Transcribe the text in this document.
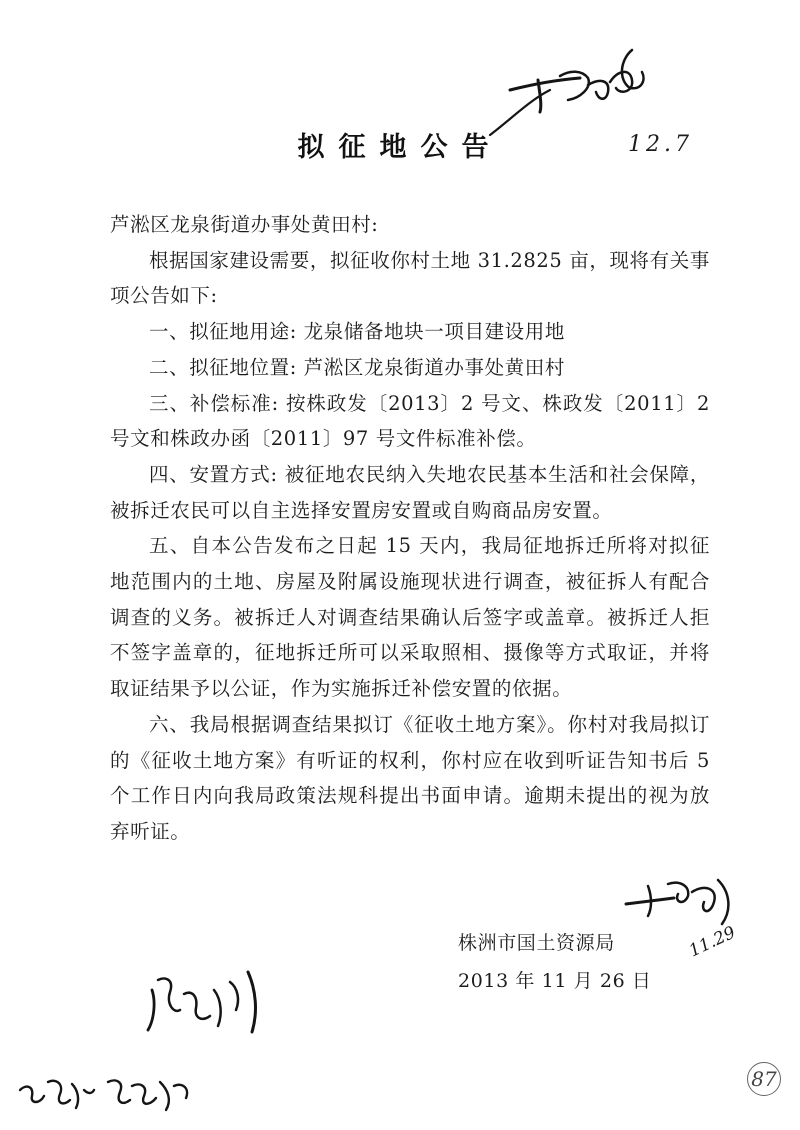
12.7
拟征地公告

芦淞区龙泉街道办事处黄田村:

根据国家建设需要，拟征收你村土地 31.2825 亩，现将有关事项公告如下:

一、拟征地用途: 龙泉储备地块一项目建设用地

二、拟征地位置: 芦淞区龙泉街道办事处黄田村

三、补偿标准: 按株政发〔2013〕2 号文、株政发〔2011〕2 号文和株政办函〔2011〕97 号文件标准补偿。

四、安置方式: 被征地农民纳入失地农民基本生活和社会保障，被拆迁农民可以自主选择安置房安置或自购商品房安置。

五、自本公告发布之日起 15 天内，我局征地拆迁所将对拟征地范围内的土地、房屋及附属设施现状进行调查，被征拆人有配合调查的义务。被拆迁人对调查结果确认后签字或盖章。被拆迁人拒不签字盖章的，征地拆迁所可以采取照相、摄像等方式取证，并将取证结果予以公证，作为实施拆迁补偿安置的依据。

六、我局根据调查结果拟订《征收土地方案》。你村对我局拟订的《征收土地方案》有听证的权利，你村应在收到听证告知书后 5 个工作日内向我局政策法规科提出书面申请。逾期未提出的视为放弃听证。

株洲市国土资源局
2013 年 11 月 26 日
11.29
87
